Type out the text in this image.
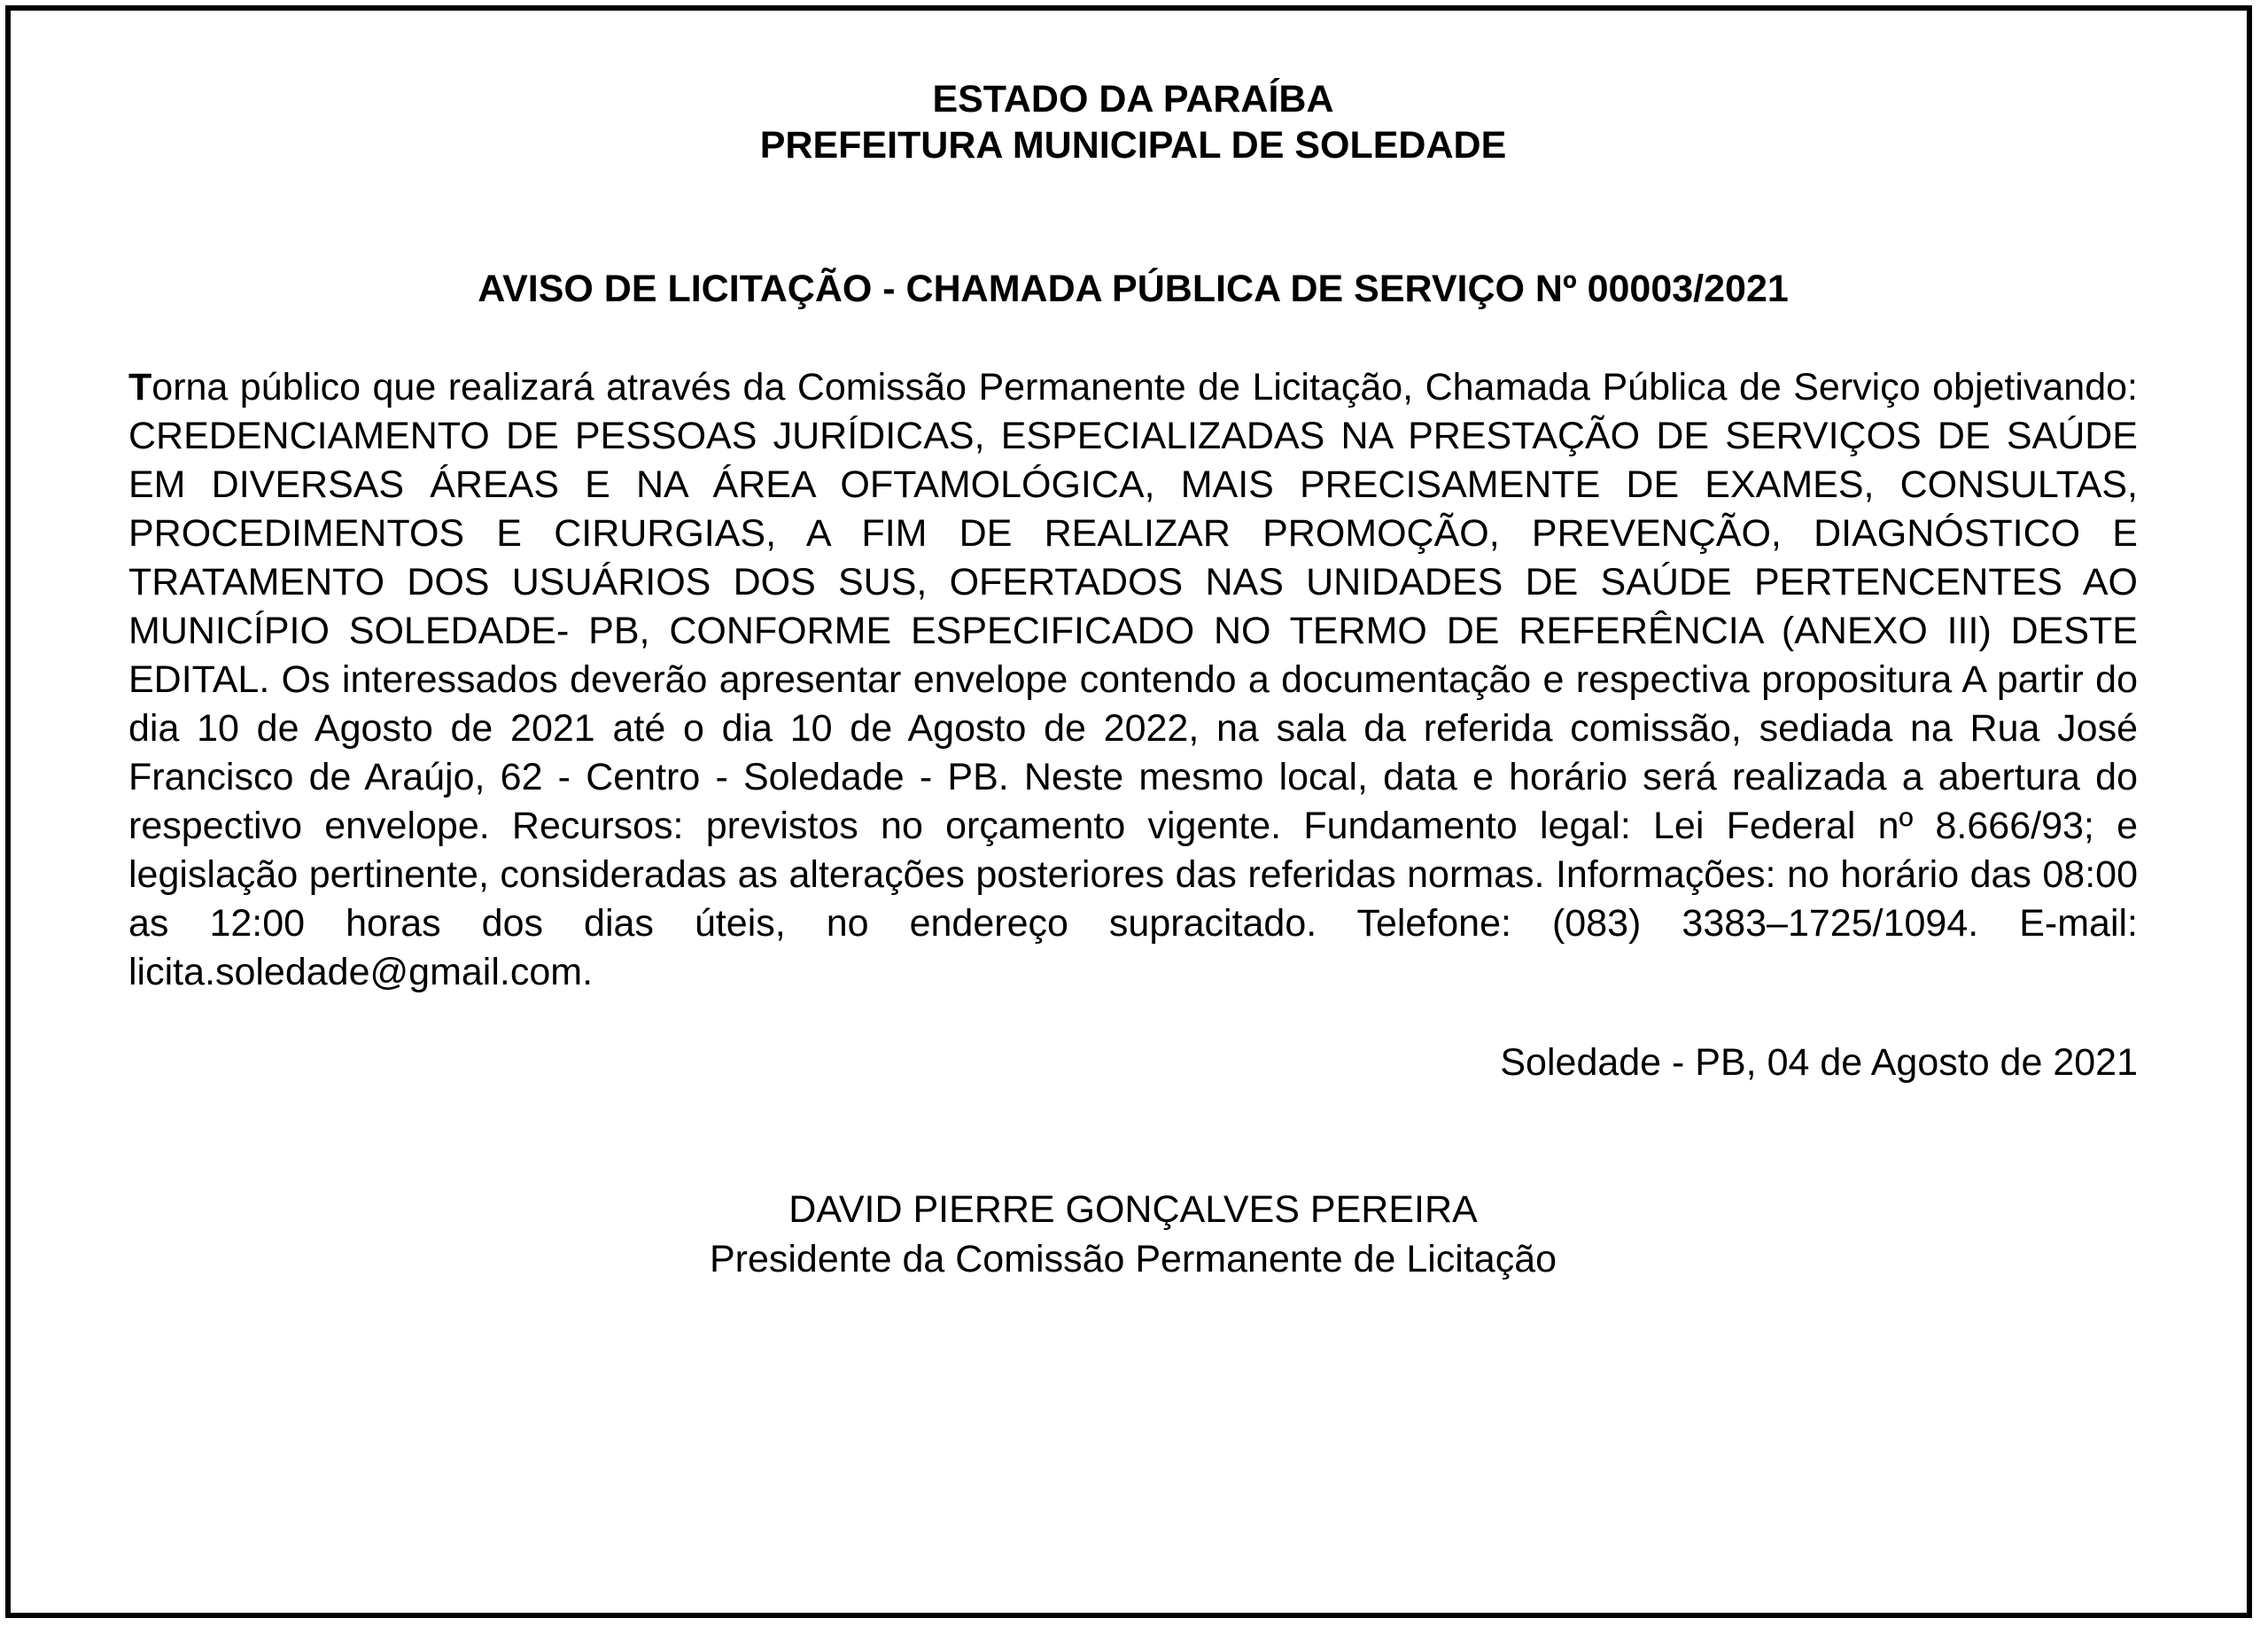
ESTADO DA PARAÍBA

PREFEITURA MUNICIPAL DE SOLEDADE

AVISO DE LICITAÇÃO - CHAMADA PÚBLICA DE SERVIÇO Nº 00003/2021

Torna público que realizará através da Comissão Permanente de Licitação, Chamada Pública de Serviço objetivando: CREDENCIAMENTO DE PESSOAS JURÍDICAS, ESPECIALIZADAS NA PRESTAÇÃO DE SERVIÇOS DE SAÚDE EM DIVERSAS ÁREAS E NA ÁREA OFTAMOLÓGICA, MAIS PRECISAMENTE DE EXAMES, CONSULTAS, PROCEDIMENTOS E CIRURGIAS, A FIM DE REALIZAR PROMOÇÃO, PREVENÇÃO, DIAGNÓSTICO E TRATAMENTO DOS USUÁRIOS DOS SUS, OFERTADOS NAS UNIDADES DE SAÚDE PERTENCENTES AO MUNICÍPIO SOLEDADE- PB, CONFORME ESPECIFICADO NO TERMO DE REFERÊNCIA (ANEXO III) DESTE EDITAL. Os interessados deverão apresentar envelope contendo a documentação e respectiva propositura A partir do dia 10 de Agosto de 2021 até o dia 10 de Agosto de 2022, na sala da referida comissão, sediada na Rua José Francisco de Araújo, 62 - Centro - Soledade - PB. Neste mesmo local, data e horário será realizada a abertura do respectivo envelope. Recursos: previstos no orçamento vigente. Fundamento legal: Lei Federal nº 8.666/93; e legislação pertinente, consideradas as alterações posteriores das referidas normas. Informações: no horário das 08:00 as 12:00 horas dos dias úteis, no endereço supracitado. Telefone: (083) 3383–1725/1094. E-mail: licita.soledade@gmail.com.

Soledade - PB, 04 de Agosto de 2021

DAVID PIERRE GONÇALVES PEREIRA
Presidente da Comissão Permanente de Licitação
